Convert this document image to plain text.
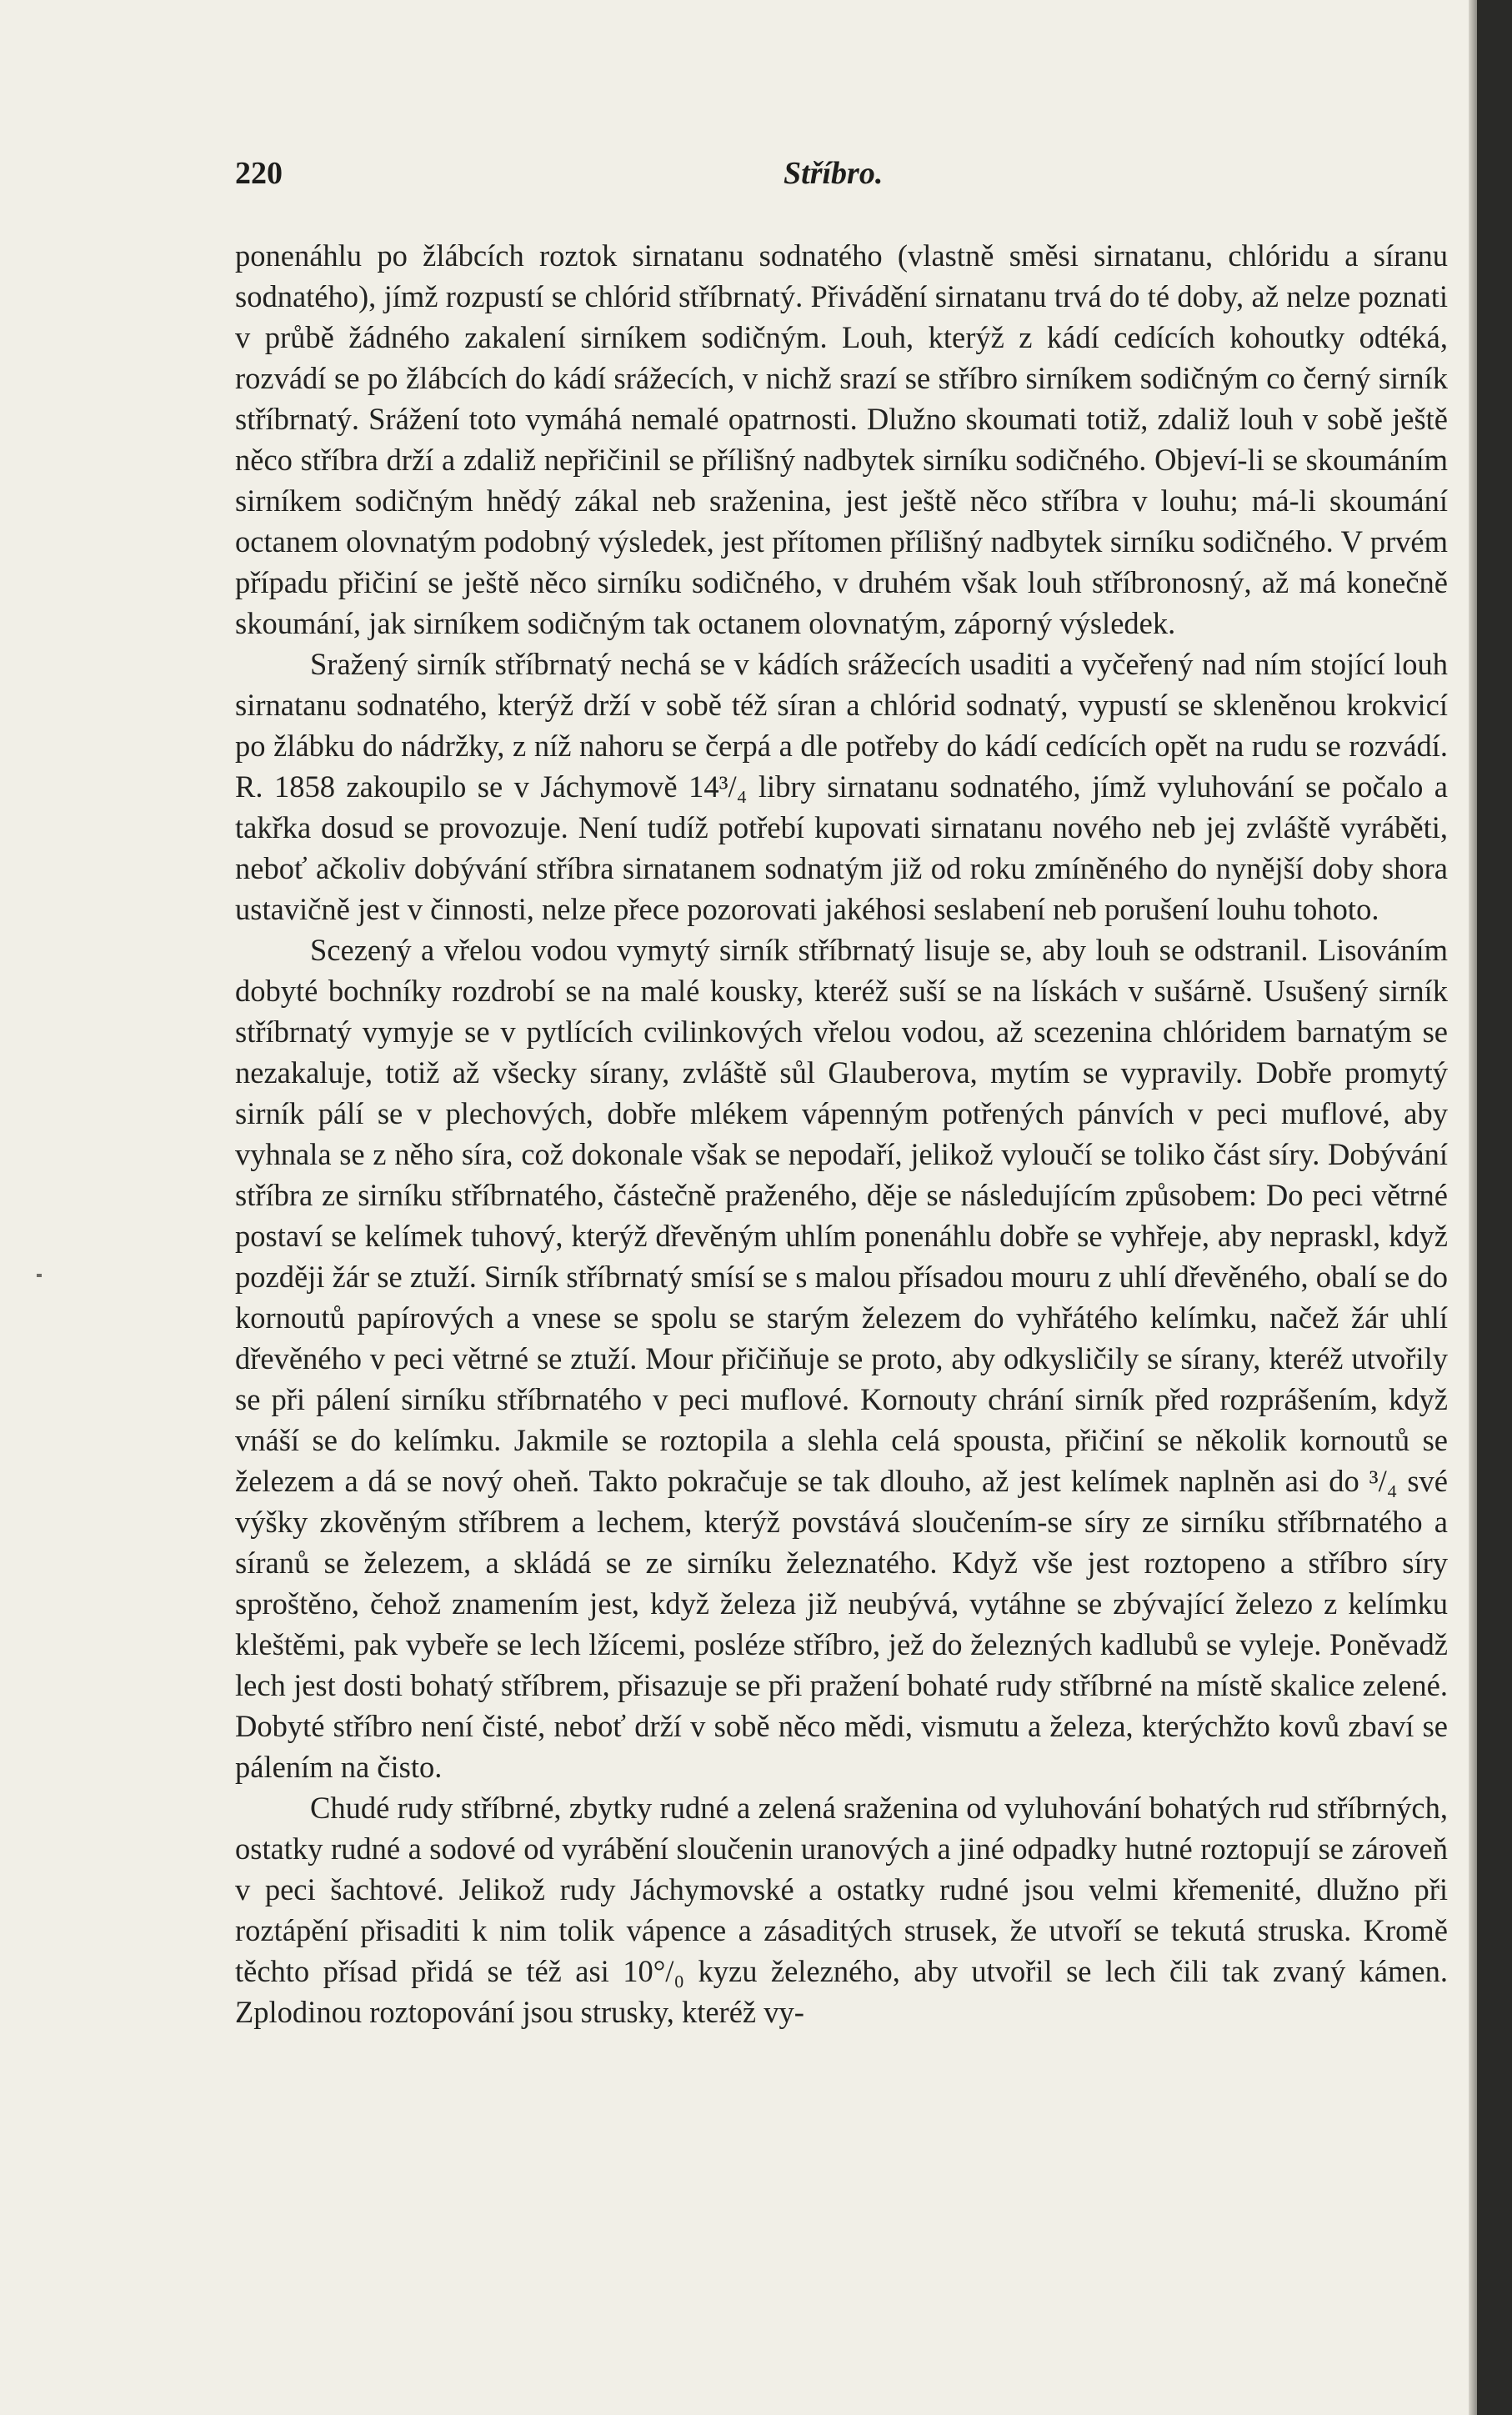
220	Stříbro.

ponenáhlu po žlábcích roztok sirnatanu sodnatého (vlastně směsi sirnatanu, chlóridu a síranu sodnatého), jímž rozpustí se chlórid stříbrnatý. Přivádění sirnatanu trvá do té doby, až nelze poznati v průbě žádného zakalení sirníkem sodičným. Louh, kterýž z kádí cedících kohoutky odtéká, rozvádí se po žlábcích do kádí srážecích, v nichž srazí se stříbro sirníkem sodičným co černý sirník stříbrnatý. Srážení toto vymáhá nemalé opatrnosti. Dlužno skoumati totiž, zdaliž louh v sobě ještě něco stříbra drží a zdaliž nepřičinil se přílišný nadbytek sirníku sodičného. Objeví-li se skoumáním sirníkem sodičným hnědý zákal neb sraženina, jest ještě něco stříbra v louhu; má-li skoumání octanem olovnatým podobný výsledek, jest přítomen přílišný nadbytek sirníku sodičného. V prvém případu přičiní se ještě něco sirníku sodičného, v druhém však louh stříbronosný, až má konečně skoumání, jak sirníkem sodičným tak octanem olovnatým, záporný výsledek.

Sražený sirník stříbrnatý nechá se v kádích srážecích usaditi a vyčeřený nad ním stojící louh sirnatanu sodnatého, kterýž drží v sobě též síran a chlórid sodnatý, vypustí se skleněnou krokvicí po žlábku do nádržky, z níž nahoru se čerpá a dle potřeby do kádí cedících opět na rudu se rozvádí. R. 1858 zakoupilo se v Jáchymově 14³/₄ libry sirnatanu sodnatého, jímž vyluhování se počalo a takřka dosud se provozuje. Není tudíž potřebí kupovati sirnatanu nového neb jej zvláště vyráběti, neboť ačkoliv dobývání stříbra sirnatanem sodnatým již od roku zmíněného do nynější doby shora ustavičně jest v činnosti, nelze přece pozorovati jakéhosi seslabení neb porušení louhu tohoto.

Scezený a vřelou vodou vymytý sirník stříbrnatý lisuje se, aby louh se odstranil. Lisováním dobyté bochníky rozdrobí se na malé kousky, kteréž suší se na lískách v sušárně. Usušený sirník stříbrnatý vymyje se v pytlících cvilinkových vřelou vodou, až scezenina chlóridem barnatým se nezakaluje, totiž až všecky sírany, zvláště sůl Glauberova, mytím se vypravily. Dobře promytý sirník pálí se v plechových, dobře mlékem vápenným potřených pánvích v peci muflové, aby vyhnala se z něho síra, což dokonale však se nepodaří, jelikož vyloučí se toliko část síry. Dobývání stříbra ze sirníku stříbrnatého, částečně praženého, děje se následujícím způsobem: Do peci větrné postaví se kelímek tuhový, kterýž dřevěným uhlím ponenáhlu dobře se vyhřeje, aby nepraskl, když později žár se ztuží. Sirník stříbrnatý smísí se s malou přísadou mouru z uhlí dřevěného, obalí se do kornoutů papírových a vnese se spolu se starým železem do vyhřátého kelímku, načež žár uhlí dřevěného v peci větrné se ztuží. Mour přičiňuje se proto, aby odkysličily se sírany, kteréž utvořily se při pálení sirníku stříbrnatého v peci muflové. Kornouty chrání sirník před rozprášením, když vnáší se do kelímku. Jakmile se roztopila a slehla celá spousta, přičiní se několik kornoutů se železem a dá se nový oheň. Takto pokračuje se tak dlouho, až jest kelímek naplněn asi do ³/₄ své výšky zkověným stříbrem a lechem, kterýž povstává sloučením-se síry ze sirníku stříbrnatého a síranů se železem, a skládá se ze sirníku železnatého. Když vše jest roztopeno a stříbro síry sproštěno, čehož znamením jest, když železa již neubývá, vytáhne se zbývající železo z kelímku kleštěmi, pak vybeře se lech lžícemi, posléze stříbro, jež do železných kadlubů se vyleje. Poněvadž lech jest dosti bohatý stříbrem, přisazuje se při pražení bohaté rudy stříbrné na místě skalice zelené. Dobyté stříbro není čisté, neboť drží v sobě něco mědi, vismutu a železa, kterýchžto kovů zbaví se pálením na čisto.

Chudé rudy stříbrné, zbytky rudné a zelená sraženina od vyluhování bohatých rud stříbrných, ostatky rudné a sodové od vyrábění sloučenin uranových a jiné odpadky hutné roztopují se zároveň v peci šachtové. Jelikož rudy Jáchymovské a ostatky rudné jsou velmi křemenité, dlužno při roztápění přisaditi k nim tolik vápence a zásaditých strusek, že utvoří se tekutá struska. Kromě těchto přísad přidá se též asi 10°/₀ kyzu železného, aby utvořil se lech čili tak zvaný kámen. Zplodinou roztopování jsou strusky, kteréž vy-
